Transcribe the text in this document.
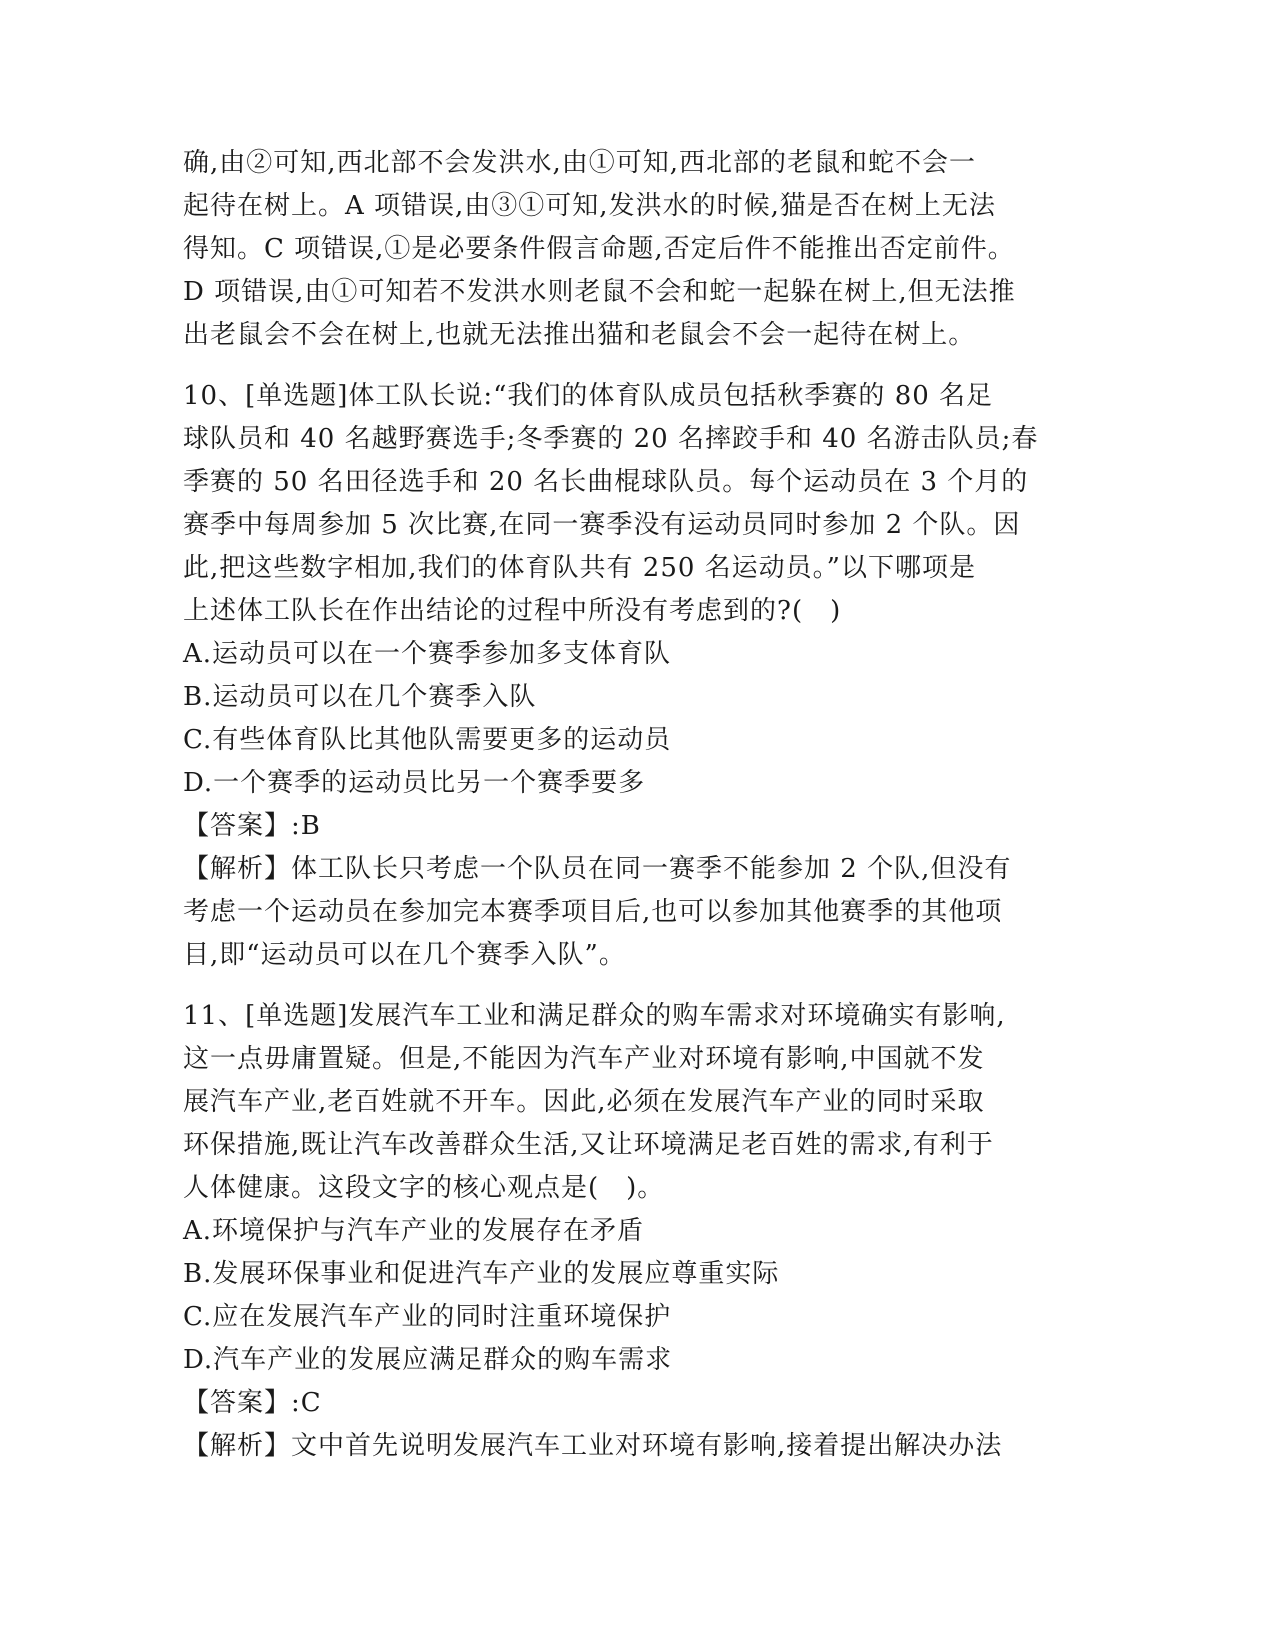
确,由②可知,西北部不会发洪水,由①可知,西北部的老鼠和蛇不会一
起待在树上。A 项错误,由③①可知,发洪水的时候,猫是否在树上无法
得知。C 项错误,①是必要条件假言命题,否定后件不能推出否定前件。
D 项错误,由①可知若不发洪水则老鼠不会和蛇一起躲在树上,但无法推
出老鼠会不会在树上,也就无法推出猫和老鼠会不会一起待在树上。
10、[单选题]体工队长说:“我们的体育队成员包括秋季赛的 80 名足
球队员和 40 名越野赛选手;冬季赛的 20 名摔跤手和 40 名游击队员;春
季赛的 50 名田径选手和 20 名长曲棍球队员。每个运动员在 3 个月的
赛季中每周参加 5 次比赛,在同一赛季没有运动员同时参加 2 个队。因
此,把这些数字相加,我们的体育队共有 250 名运动员。”以下哪项是
上述体工队长在作出结论的过程中所没有考虑到的?(　)
A.运动员可以在一个赛季参加多支体育队
B.运动员可以在几个赛季入队
C.有些体育队比其他队需要更多的运动员
D.一个赛季的运动员比另一个赛季要多
【答案】:B
【解析】体工队长只考虑一个队员在同一赛季不能参加 2 个队,但没有
考虑一个运动员在参加完本赛季项目后,也可以参加其他赛季的其他项
目,即“运动员可以在几个赛季入队”。
11、[单选题]发展汽车工业和满足群众的购车需求对环境确实有影响,
这一点毋庸置疑。但是,不能因为汽车产业对环境有影响,中国就不发
展汽车产业,老百姓就不开车。因此,必须在发展汽车产业的同时采取
环保措施,既让汽车改善群众生活,又让环境满足老百姓的需求,有利于
人体健康。这段文字的核心观点是(　)。
A.环境保护与汽车产业的发展存在矛盾
B.发展环保事业和促进汽车产业的发展应尊重实际
C.应在发展汽车产业的同时注重环境保护
D.汽车产业的发展应满足群众的购车需求
【答案】:C
【解析】文中首先说明发展汽车工业对环境有影响,接着提出解决办法
